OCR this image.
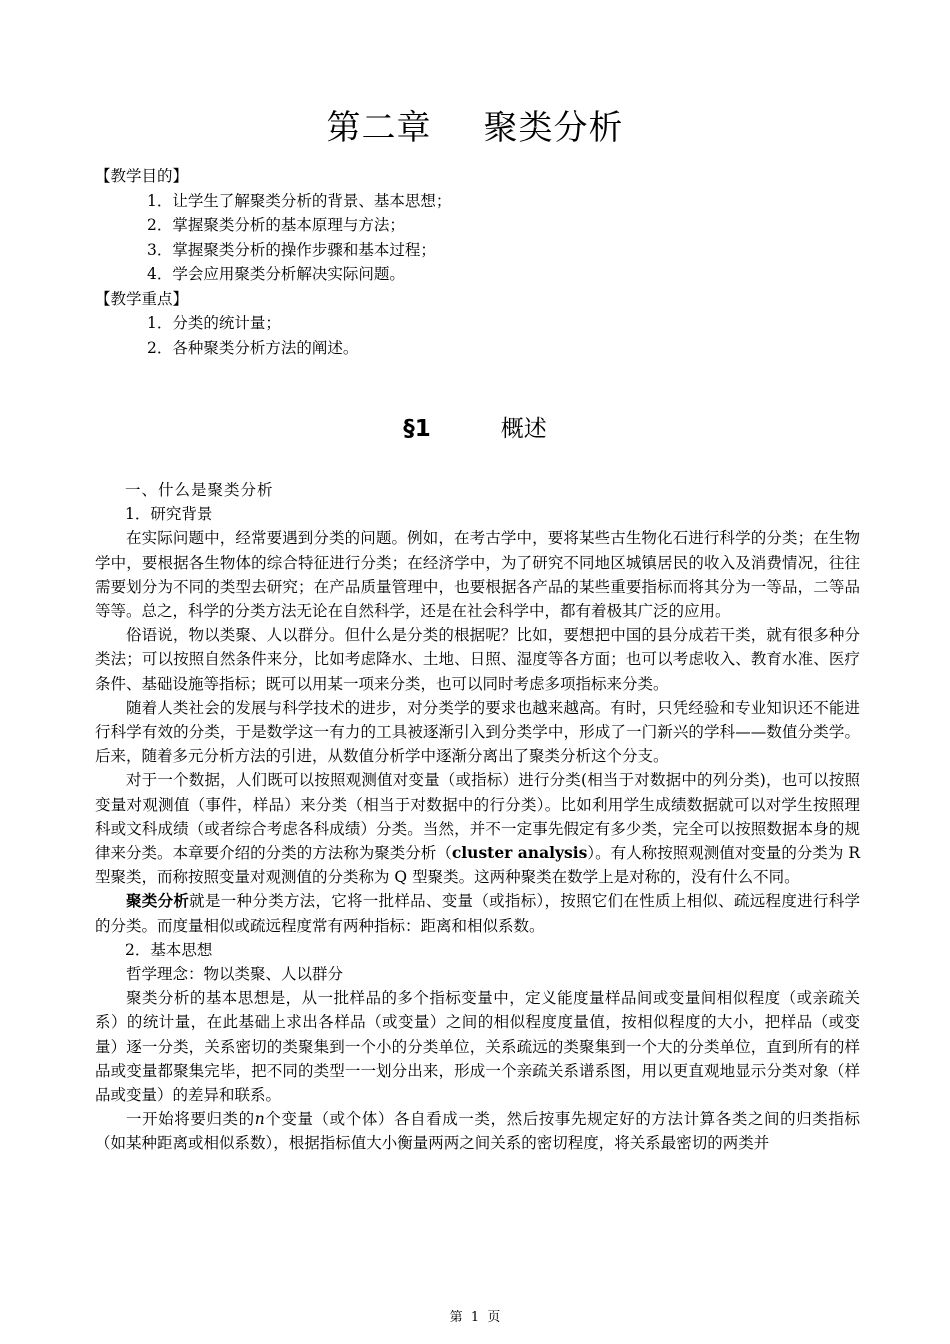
第二章 聚类分析

【教学目的】

1．让学生了解聚类分析的背景、基本思想；

2．掌握聚类分析的基本原理与方法；

3．掌握聚类分析的操作步骤和基本过程；

4．学会应用聚类分析解决实际问题。

【教学重点】

1．分类的统计量；

2．各种聚类分析方法的阐述。

§1	概述

一、什么是聚类分析

1．研究背景

在实际问题中，经常要遇到分类的问题。例如，在考古学中，要将某些古生物化石进行科学的分类；在生物学中，要根据各生物体的综合特征进行分类；在经济学中，为了研究不同地区城镇居民的收入及消费情况，往往需要划分为不同的类型去研究；在产品质量管理中，也要根据各产品的某些重要指标而将其分为一等品，二等品等等。总之，科学的分类方法无论在自然科学，还是在社会科学中，都有着极其广泛的应用。

俗语说，物以类聚、人以群分。但什么是分类的根据呢？比如，要想把中国的县分成若干类，就有很多种分类法；可以按照自然条件来分，比如考虑降水、土地、日照、湿度等各方面；也可以考虑收入、教育水准、医疗条件、基础设施等指标；既可以用某一项来分类，也可以同时考虑多项指标来分类。

随着人类社会的发展与科学技术的进步，对分类学的要求也越来越高。有时，只凭经验和专业知识还不能进行科学有效的分类，于是数学这一有力的工具被逐渐引入到分类学中，形成了一门新兴的学科——数值分类学。后来，随着多元分析方法的引进，从数值分析学中逐渐分离出了聚类分析这个分支。

对于一个数据，人们既可以按照观测值对变量（或指标）进行分类(相当于对数据中的列分类)，也可以按照变量对观测值（事件，样品）来分类（相当于对数据中的行分类）。比如利用学生成绩数据就可以对学生按照理科或文科成绩（或者综合考虑各科成绩）分类。当然，并不一定事先假定有多少类，完全可以按照数据本身的规律来分类。本章要介绍的分类的方法称为聚类分析（cluster analysis）。有人称按照观测值对变量的分类为 R 型聚类，而称按照变量对观测值的分类称为 Q 型聚类。这两种聚类在数学上是对称的，没有什么不同。

聚类分析就是一种分类方法，它将一批样品、变量（或指标），按照它们在性质上相似、疏远程度进行科学的分类。而度量相似或疏远程度常有两种指标：距离和相似系数。

2．基本思想

哲学理念：物以类聚、人以群分

聚类分析的基本思想是，从一批样品的多个指标变量中，定义能度量样品间或变量间相似程度（或亲疏关系）的统计量，在此基础上求出各样品（或变量）之间的相似程度度量值，按相似程度的大小，把样品（或变量）逐一分类，关系密切的类聚集到一个小的分类单位，关系疏远的类聚集到一个大的分类单位，直到所有的样品或变量都聚集完毕，把不同的类型一一划分出来，形成一个亲疏关系谱系图，用以更直观地显示分类对象（样品或变量）的差异和联系。

一开始将要归类的n个变量（或个体）各自看成一类，然后按事先规定好的方法计算各类之间的归类指标（如某种距离或相似系数），根据指标值大小衡量两两之间关系的密切程度，将关系最密切的两类并

第 1 页
